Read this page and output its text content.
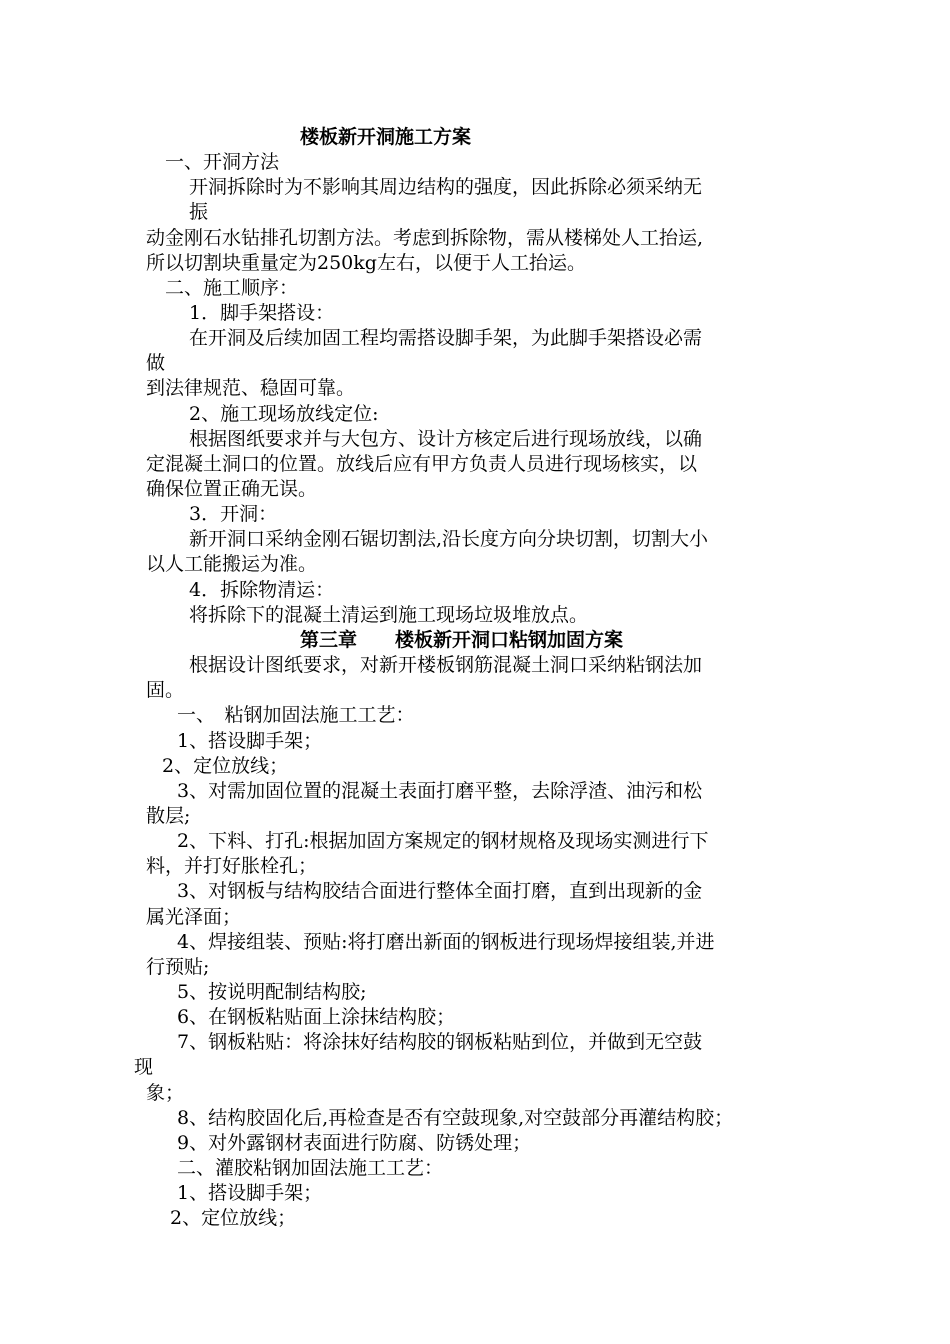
楼板新开洞施工方案
一、开洞方法
开洞拆除时为不影响其周边结构的强度，因此拆除必须采纳无
振
动金刚石水钻排孔切割方法。考虑到拆除物，需从楼梯处人工抬运,
所以切割块重量定为250kg左右，以便于人工抬运。
二、施工顺序：
1．脚手架搭设：
在开洞及后续加固工程均需搭设脚手架，为此脚手架搭设必需
做
到法律规范、稳固可靠。
2、施工现场放线定位:
根据图纸要求并与大包方、设计方核定后进行现场放线，以确
定混凝土洞口的位置。放线后应有甲方负责人员进行现场核实，以
确保位置正确无误。
3．开洞：
新开洞口采纳金刚石锯切割法,沿长度方向分块切割，切割大小
以人工能搬运为准。
4．拆除物清运：
将拆除下的混凝土清运到施工现场垃圾堆放点。
第三章　　楼板新开洞口粘钢加固方案
根据设计图纸要求，对新开楼板钢筋混凝土洞口采纳粘钢法加
固。
一、　粘钢加固法施工工艺：
1、搭设脚手架；
2、定位放线；
3、对需加固位置的混凝土表面打磨平整，去除浮渣、油污和松
散层;
2、下料、打孔:根据加固方案规定的钢材规格及现场实测进行下
料，并打好胀栓孔；
3、对钢板与结构胶结合面进行整体全面打磨，直到出现新的金
属光泽面；
4、焊接组装、预贴:将打磨出新面的钢板进行现场焊接组装,并进
行预贴;
5、按说明配制结构胶;
6、在钢板粘贴面上涂抹结构胶；
7、钢板粘贴：将涂抹好结构胶的钢板粘贴到位，并做到无空鼓
现
象；
8、结构胶固化后,再检查是否有空鼓现象,对空鼓部分再灌结构胶；
9、对外露钢材表面进行防腐、防锈处理；
二、灌胶粘钢加固法施工工艺：
1、搭设脚手架；
2、定位放线；
